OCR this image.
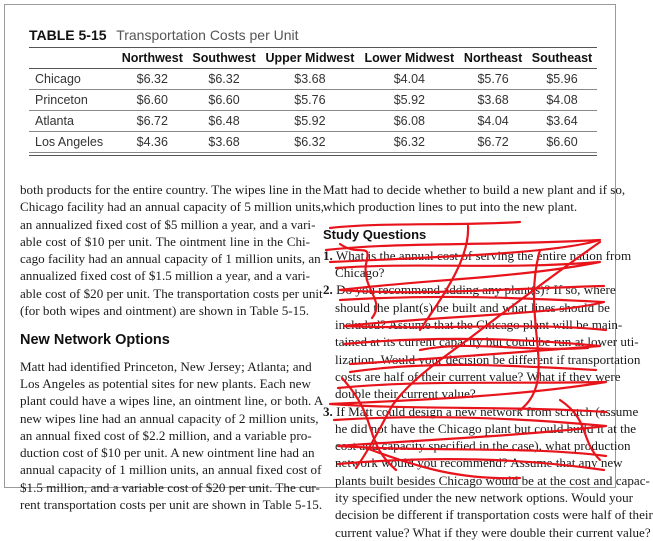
TABLE 5-15 Transportation Costs per Unit
	Northwest	Southwest	Upper Midwest	Lower Midwest	Northeast	Southeast
Chicago	$6.32	$6.32	$3.68	$4.04	$5.76	$5.96
Princeton	$6.60	$6.60	$5.76	$5.92	$3.68	$4.08
Atlanta	$6.72	$6.48	$5.92	$6.08	$4.04	$3.64
Los Angeles	$4.36	$3.68	$6.32	$6.32	$6.72	$6.60
both products for the entire country. The wipes line in the
Chicago facility had an annual capacity of 5 million units,
an annualized fixed cost of $5 million a year, and a vari-
able cost of $10 per unit. The ointment line in the Chi-
cago facility had an annual capacity of 1 million units, an
annualized fixed cost of $1.5 million a year, and a vari-
able cost of $20 per unit. The transportation costs per unit
(for both wipes and ointment) are shown in Table 5-15.
New Network Options
Matt had identified Princeton, New Jersey; Atlanta; and
Los Angeles as potential sites for new plants. Each new
plant could have a wipes line, an ointment line, or both. A
new wipes line had an annual capacity of 2 million units,
an annual fixed cost of $2.2 million, and a variable pro-
duction cost of $10 per unit. A new ointment line had an
annual capacity of 1 million units, an annual fixed cost of
$1.5 million, and a variable cost of $20 per unit. The cur-
rent transportation costs per unit are shown in Table 5-15.
Matt had to decide whether to build a new plant and if so,
which production lines to put into the new plant.
Study Questions
1. What is the annual cost of serving the entire nation from
Chicago?
2. Do you recommend adding any plant(s)? If so, where
should the plant(s) be built and what lines should be
included? Assume that the Chicago plant will be main-
tained at its current capacity but could be run at lower uti-
lization. Would your decision be different if transportation
costs are half of their current value? What if they were
double their current value?
3. If Matt could design a new network from scratch (assume
he did not have the Chicago plant but could build it at the
cost and capacity specified in the case), what production
network would you recommend? Assume that any new
plants built besides Chicago would be at the cost and capac-
ity specified under the new network options. Would your
decision be different if transportation costs were half of their
current value? What if they were double their current value?
